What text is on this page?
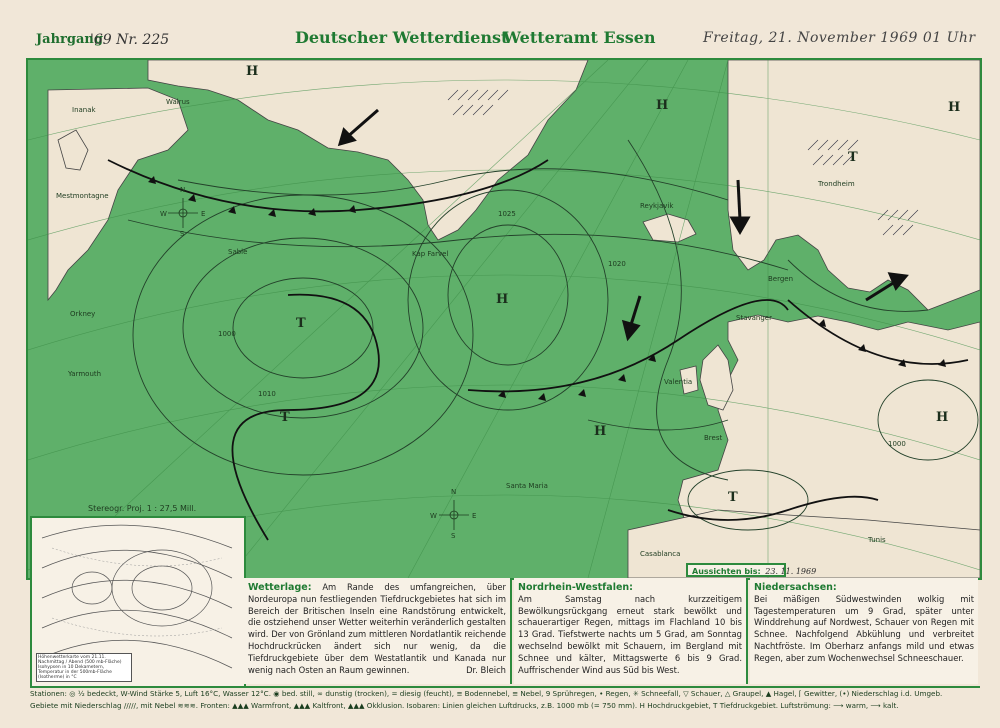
Jahrgang
'69 Nr. 225	Deutscher Wetterdienst
Wetteramt Essen	Freitag, 21. November 1969 01 Uhr
H
H
T
T
H
H
T
H
H
T
Inanak
Walrus
Mestmontagne
Orkney
Yarmouth
Kap Farvel
Reykjavik
Trondheim
Bergen
Stavanger
Valentia
Brest
Santa Maria
Casablanca
Sable
Tunis
N
E
S
W
N
E
S
W
1025
1000
1010
1020
1000
Stereogr. Proj. 1 : 27,5 Mill.
Höhenwetterkarte vom 21.11. Nachmittag / Abend (500 mb-Fläche) Isohypsen in 10 Dekametern, Temperatur in der 500mb-Fläche (Isotherme) in °C
Aussichten bis: 23. 11. 1969
Wetterlage: Am Rande des umfangreichen, über Nordeuropa nun festliegenden Tiefdruckgebietes hat sich im Bereich der Britischen Inseln eine Randstörung entwickelt, die ostziehend unser Wetter weiterhin veränderlich gestalten wird. Der von Grönland zum mittleren Nordatlantik reichende Hochdruckrücken ändert sich nur wenig, da die Tiefdruckgebiete über dem Westatlantik und Kanada nur wenig nach Osten an Raum gewinnen.	Dr. Bleich
Nordrhein-Westfalen:
Am Samstag nach kurzzeitigem Bewölkungsrückgang erneut stark bewölkt und schauerartiger Regen, mittags im Flachland 10 bis 13 Grad. Tiefstwerte nachts um 5 Grad, am Sonntag wechselnd bewölkt mit Schauern, im Bergland mit Schnee und kälter, Mittagswerte 6 bis 9 Grad. Auffrischender Wind aus Süd bis West.
Niedersachsen:
Bei mäßigen Südwestwinden wolkig mit Tagestemperaturen um 9 Grad, später unter Winddrehung auf Nordwest, Schauer von Regen mit Schnee. Nachfolgend Abkühlung und verbreitet Nachtfröste. Im Oberharz anfangs mild und etwas Regen, aber zum Wochenwechsel Schneeschauer.
Stationen: ◎ ½ bedeckt, W-Wind Stärke 5, Luft 16°C, Wasser 12°C. ◉ bed. still, ∞ dunstig (trocken), = diesig (feucht), ≡ Bodennebel, ≡ Nebel, 9 Sprühregen, • Regen, ✳ Schneefall, ▽ Schauer, △ Graupel, ▲ Hagel, ⌈ Gewitter, (•) Niederschlag i.d. Umgeb.
Gebiete mit Niederschlag /////, mit Nebel ≋≋≋. Fronten: ▲▲▲ Warmfront, ▲▲▲ Kaltfront, ▲▲▲ Okklusion. Isobaren: Linien gleichen Luftdrucks, z.B. 1000 mb (= 750 mm). H Hochdruckgebiet, T Tiefdruckgebiet. Luftströmung: ⟶ warm, ⟶ kalt.
